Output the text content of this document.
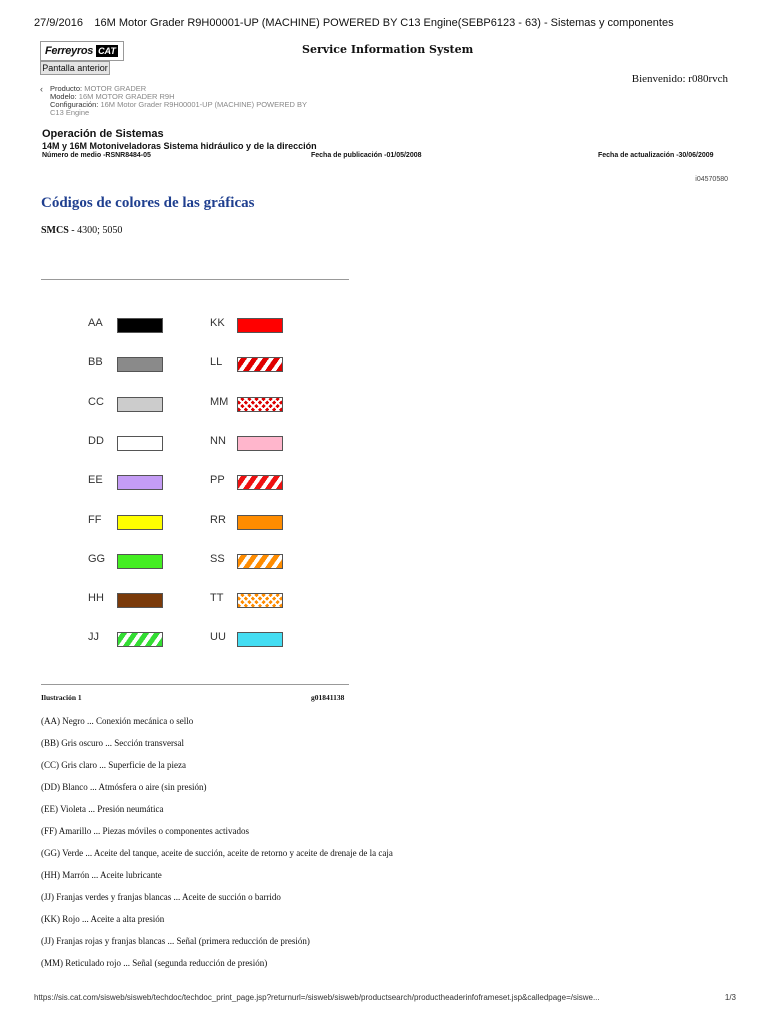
27/9/2016	16M Motor Grader R9H00001-UP (MACHINE) POWERED BY C13 Engine(SEBP6123 - 63) - Sistemas y componentes
Ferreyros CAT
Pantalla anterior
Service Information System
Bienvenido: r080rvch
‹ Producto: MOTOR GRADER
Modelo: 16M MOTOR GRADER R9H
Configuración: 16M Motor Grader R9H00001-UP (MACHINE) POWERED BY
C13 Engine
Operación de Sistemas
14M y 16M Motoniveladoras Sistema hidráulico y de la dirección
Número de medio -RSNR8484-05	Fecha de publicación -01/05/2008	Fecha de actualización -30/06/2009
i04570580
Códigos de colores de las gráficas
SMCS - 4300; 5050
AA
BB
CC
DD
EE
FF
GG
HH
JJ
KK
LL
MM
NN
PP
RR
SS
TT
UU
Ilustración 1	g01841138
(AA) Negro ... Conexión mecánica o sello
(BB) Gris oscuro ... Sección transversal
(CC) Gris claro ... Superficie de la pieza
(DD) Blanco ... Atmósfera o aire (sin presión)
(EE) Violeta ... Presión neumática
(FF) Amarillo ... Piezas móviles o componentes activados
(GG) Verde ... Aceite del tanque, aceite de succión, aceite de retorno y aceite de drenaje de la caja
(HH) Marrón ... Aceite lubricante
(JJ) Franjas verdes y franjas blancas ... Aceite de succión o barrido
(KK) Rojo ... Aceite a alta presión
(JJ) Franjas rojas y franjas blancas ... Señal (primera reducción de presión)
(MM) Reticulado rojo ... Señal (segunda reducción de presión)
https://sis.cat.com/sisweb/sisweb/techdoc/techdoc_print_page.jsp?returnurl=/sisweb/sisweb/productsearch/productheaderinfoframeset.jsp&calledpage=/siswe...	1/3
